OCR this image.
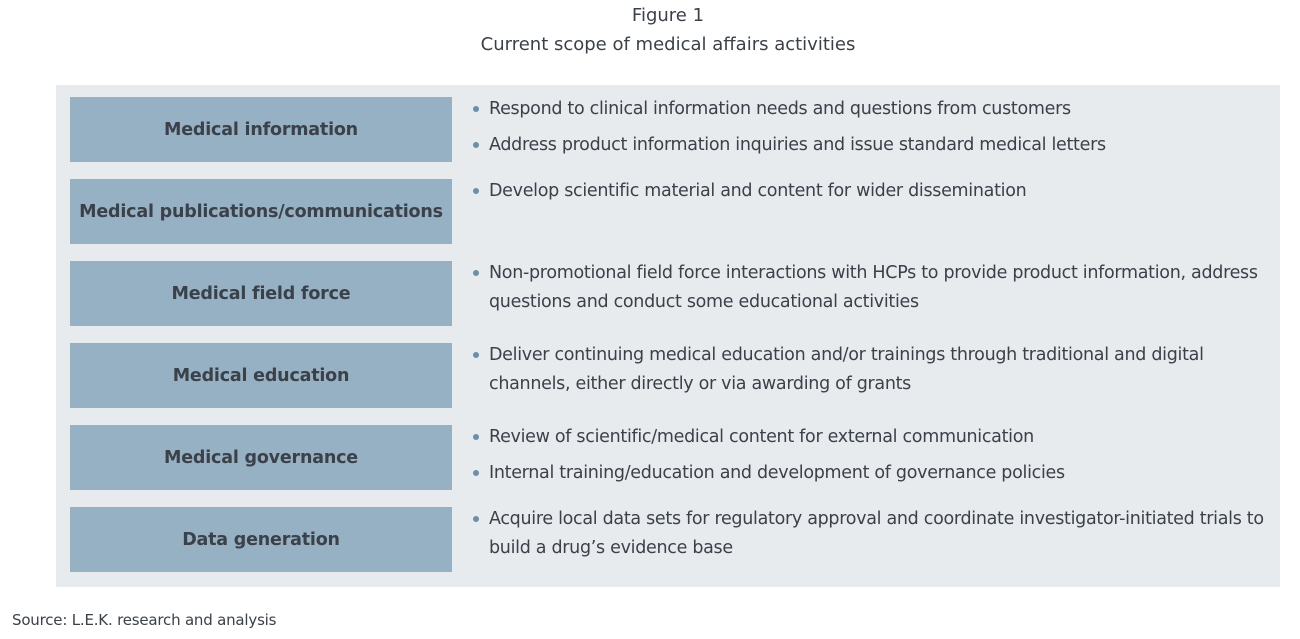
Figure 1
Current scope of medical affairs activities
Medical information
Respond to clinical information needs and questions from customers
Address product information inquiries and issue standard medical letters
Medical publications/communications
Develop scientific material and content for wider dissemination
Medical field force
Non-promotional field force interactions with HCPs to provide product information, address questions and conduct some educational activities
Medical education
Deliver continuing medical education and/or trainings through traditional and digital channels, either directly or via awarding of grants
Medical governance
Review of scientific/medical content for external communication
Internal training/education and development of governance policies
Data generation
Acquire local data sets for regulatory approval and coordinate investigator-initiated trials to build a drug’s evidence base
Source: L.E.K. research and analysis
